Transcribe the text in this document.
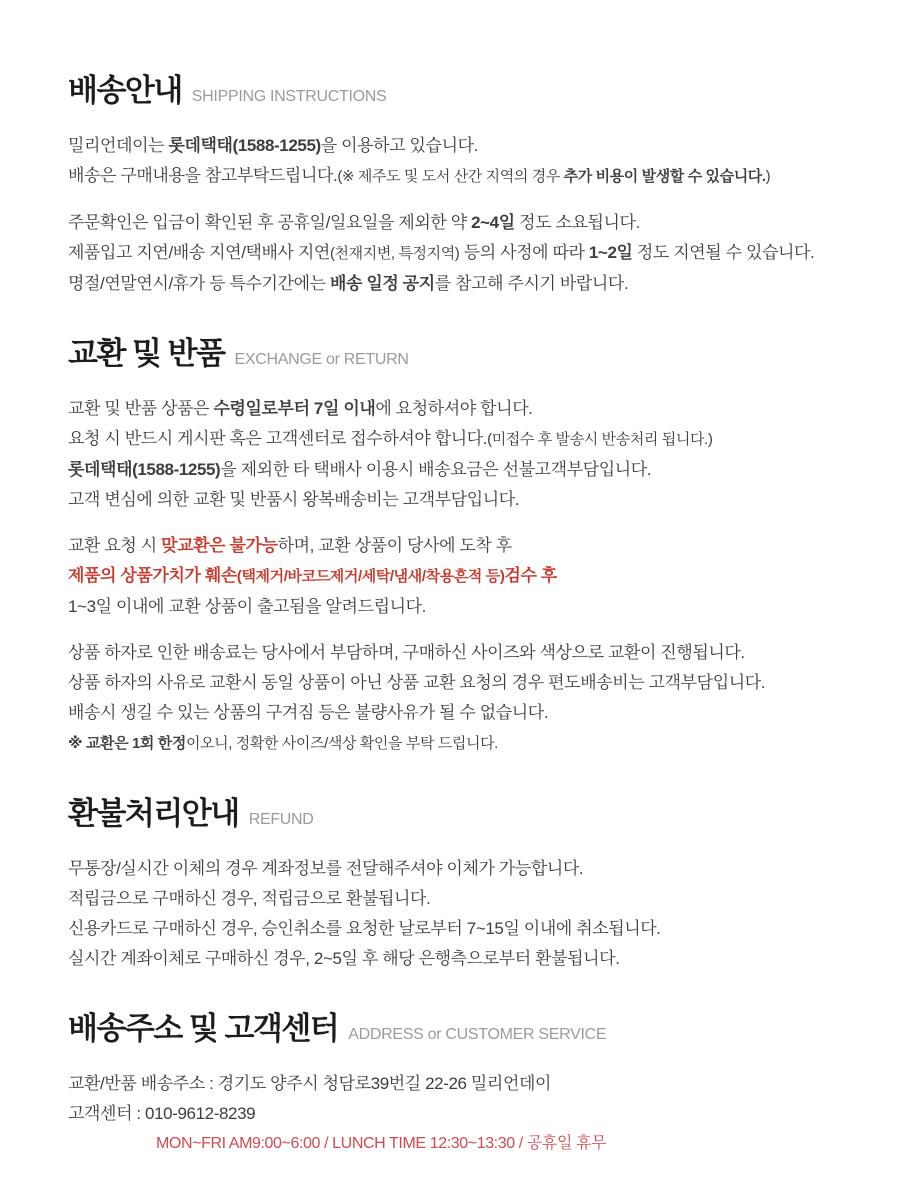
배송안내 SHIPPING INSTRUCTIONS

밀리언데이는 롯데택태(1588-1255)을 이용하고 있습니다.

배송은 구매내용을 참고부탁드립니다.(※ 제주도 및 도서 산간 지역의 경우 추가 비용이 발생할 수 있습니다.)

주문확인은 입금이 확인된 후 공휴일/일요일을 제외한 약 2~4일 정도 소요됩니다.

제품입고 지연/배송 지연/택배사 지연(천재지변, 특정지역) 등의 사정에 따라 1~2일 정도 지연될 수 있습니다.

명절/연말연시/휴가 등 특수기간에는 배송 일정 공지를 참고해 주시기 바랍니다.

교환 및 반품 EXCHANGE or RETURN

교환 및 반품 상품은 수령일로부터 7일 이내에 요청하셔야 합니다.

요청 시 반드시 게시판 혹은 고객센터로 접수하셔야 합니다.(미접수 후 발송시 반송처리 됩니다.)

롯데택태(1588-1255)을 제외한 타 택배사 이용시 배송요금은 선불고객부담입니다.

고객 변심에 의한 교환 및 반품시 왕복배송비는 고객부담입니다.

교환 요청 시 맞교환은 불가능하며, 교환 상품이 당사에 도착 후

제품의 상품가치가 훼손(택제거/바코드제거/세탁/냄새/착용흔적 등)검수 후

1~3일 이내에 교환 상품이 출고됨을 알려드립니다.

상품 하자로 인한 배송료는 당사에서 부담하며, 구매하신 사이즈와 색상으로 교환이 진행됩니다.

상품 하자의 사유로 교환시 동일 상품이 아닌 상품 교환 요청의 경우 편도배송비는 고객부담입니다.

배송시 생길 수 있는 상품의 구겨짐 등은 불량사유가 될 수 없습니다.

※ 교환은 1회 한정이오니, 정확한 사이즈/색상 확인을 부탁 드립니다.

환불처리안내 REFUND

무통장/실시간 이체의 경우 계좌정보를 전달해주셔야 이체가 가능합니다.

적립금으로 구매하신 경우, 적립금으로 환불됩니다.

신용카드로 구매하신 경우, 승인취소를 요청한 날로부터 7~15일 이내에 취소됩니다.

실시간 계좌이체로 구매하신 경우, 2~5일 후 해당 은행측으로부터 환불됩니다.

배송주소 및 고객센터 ADDRESS or CUSTOMER SERVICE

교환/반품 배송주소 : 경기도 양주시 청담로39번길 22-26 밀리언데이

고객센터 : 010-9612-8239

MON~FRI AM9:00~6:00 / LUNCH TIME 12:30~13:30 / 공휴일 휴무
